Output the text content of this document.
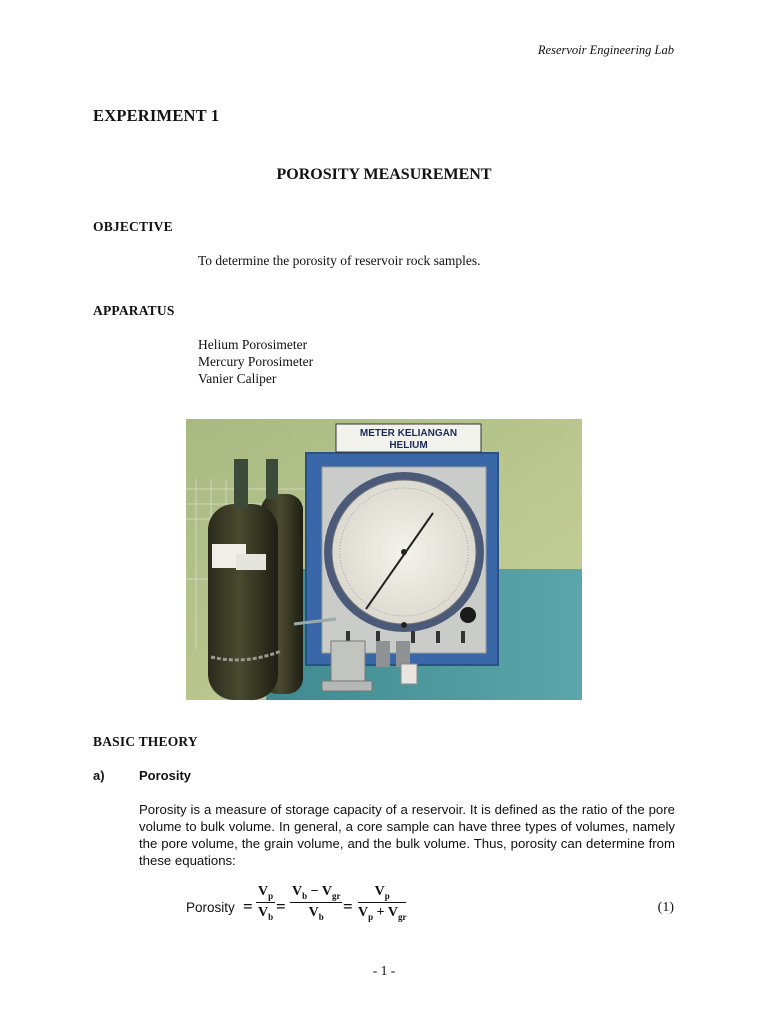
Reservoir Engineering Lab
EXPERIMENT 1
POROSITY MEASUREMENT
OBJECTIVE
To determine the porosity of reservoir rock samples.
APPARATUS
Helium Porosimeter
Mercury Porosimeter
Vanier Caliper
METER KELIANGAN
HELIUM
BASIC THEORY
a)	Porosity
Porosity is a measure of storage capacity of a reservoir. It is defined as the ratio of the pore volume to bulk volume. In general, a core sample can have three types of volumes, namely the pore volume, the grain volume, and the bulk volume. Thus, porosity can determine from these equations:
Porosity = $\frac{V_p}{V_b}$ =
$V_b - V_{gr}$
$V_b$
=
$V_p$
$V_p + V_{gr}$
(1)
- 1 -
